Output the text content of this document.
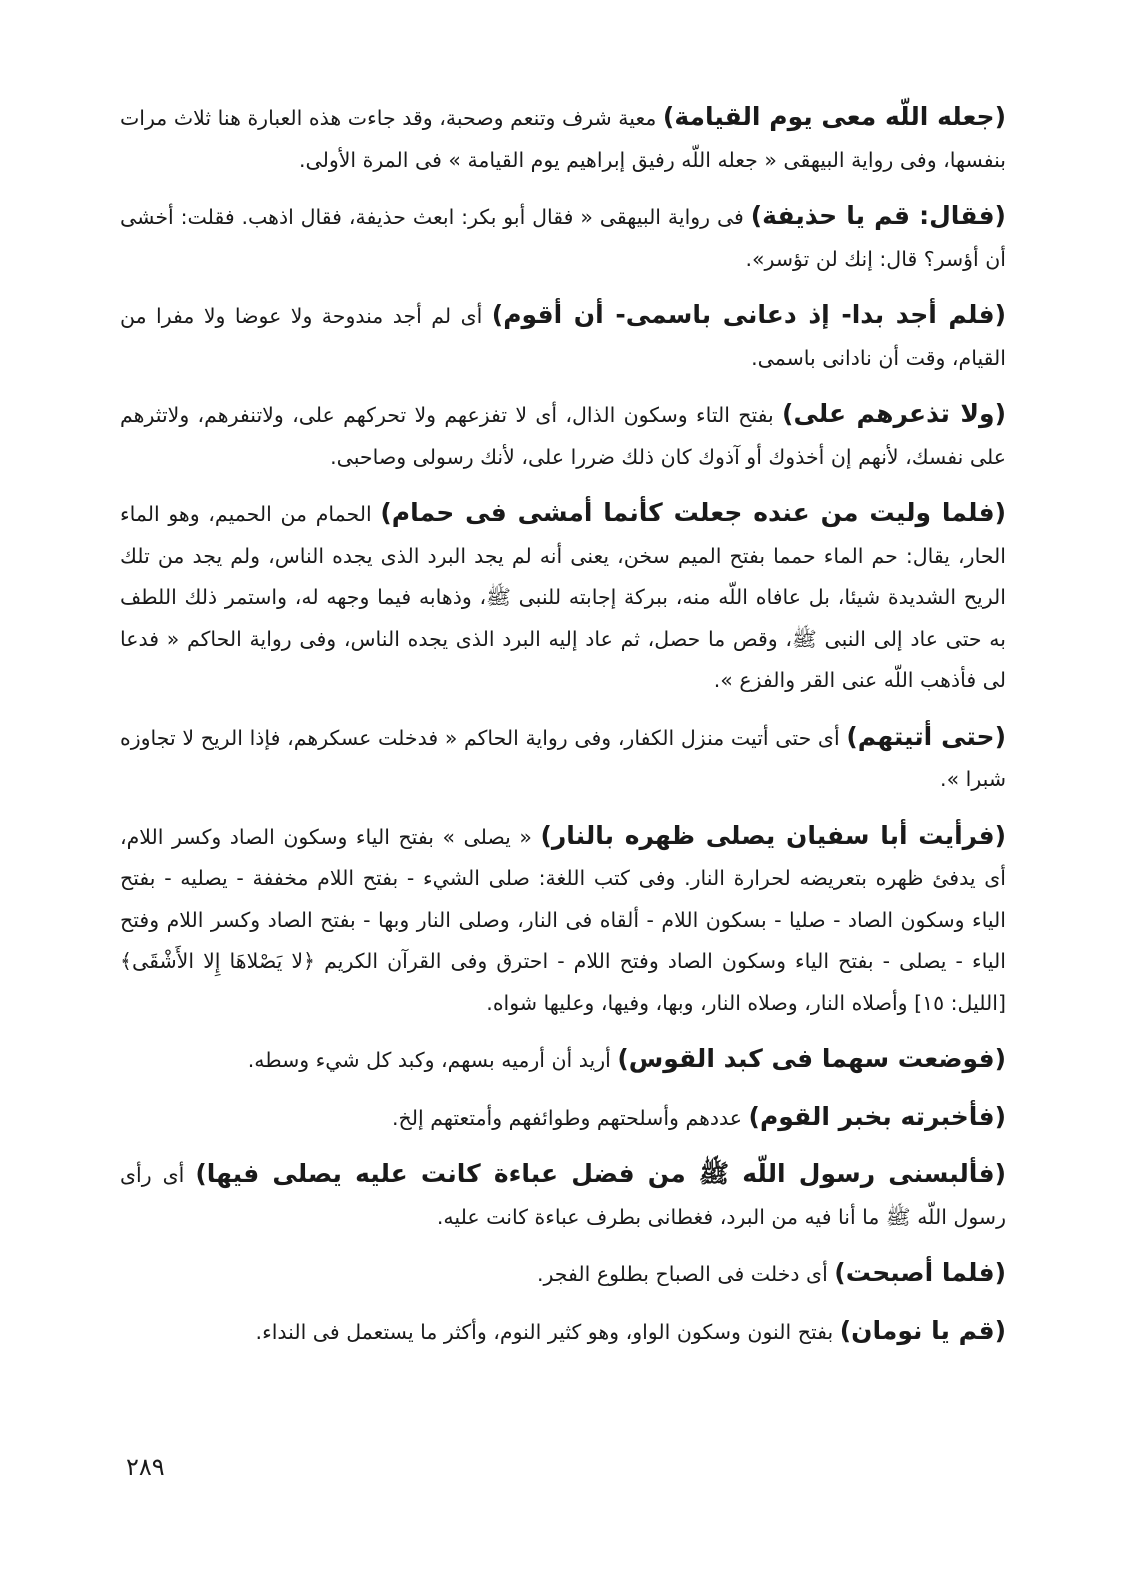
(جعله اللّه معى يوم القيامة) معية شرف وتنعم وصحبة، وقد جاءت هذه العبارة هنا ثلاث مرات بنفسها، وفى رواية البيهقى « جعله اللّه رفيق إبراهيم يوم القيامة » فى المرة الأولى.

(فقال: قم يا حذيفة) فى رواية البيهقى « فقال أبو بكر: ابعث حذيفة، فقال اذهب. فقلت: أخشى أن أؤسر؟ قال: إنك لن تؤسر».

(فلم أجد بدا- إذ دعانى باسمى- أن أقوم) أى لم أجد مندوحة ولا عوضا ولا مفرا من القيام، وقت أن نادانى باسمى.

(ولا تذعرهم على) بفتح التاء وسكون الذال، أى لا تفزعهم ولا تحركهم على، ولاتنفرهم، ولاتثرهم على نفسك، لأنهم إن أخذوك أو آذوك كان ذلك ضررا على، لأنك رسولى وصاحبى.

(فلما وليت من عنده جعلت كأنما أمشى فى حمام) الحمام من الحميم، وهو الماء الحار، يقال: حم الماء حمما بفتح الميم سخن، يعنى أنه لم يجد البرد الذى يجده الناس، ولم يجد من تلك الريح الشديدة شيئا، بل عافاه اللّه منه، ببركة إجابته للنبى ﷺ، وذهابه فيما وجهه له، واستمر ذلك اللطف به حتى عاد إلى النبى ﷺ، وقص ما حصل، ثم عاد إليه البرد الذى يجده الناس، وفى رواية الحاكم « فدعا لى فأذهب اللّه عنى القر والفزع ».

(حتى أتيتهم) أى حتى أتيت منزل الكفار، وفى رواية الحاكم « فدخلت عسكرهم، فإذا الريح لا تجاوزه شبرا ».

(فرأيت أبا سفيان يصلى ظهره بالنار) « يصلى » بفتح الياء وسكون الصاد وكسر اللام، أى يدفئ ظهره بتعريضه لحرارة النار. وفى كتب اللغة: صلى الشيء - بفتح اللام مخففة - يصليه - بفتح الياء وسكون الصاد - صليا - بسكون اللام - ألقاه فى النار، وصلى النار وبها - بفتح الصاد وكسر اللام وفتح الياء - يصلى - بفتح الياء وسكون الصاد وفتح اللام - احترق وفى القرآن الكريم ﴿لا يَصْلاهَا إِلا الأَشْقَى﴾ [الليل: ١٥] وأصلاه النار، وصلاه النار، وبها، وفيها، وعليها شواه.

(فوضعت سهما فى كبد القوس) أريد أن أرميه بسهم، وكبد كل شيء وسطه.

(فأخبرته بخبر القوم) عددهم وأسلحتهم وطوائفهم وأمتعتهم إلخ.

(فألبسنى رسول اللّه ﷺ من فضل عباءة كانت عليه يصلى فيها) أى رأى رسول اللّه ﷺ ما أنا فيه من البرد، فغطانى بطرف عباءة كانت عليه.

(فلما أصبحت) أى دخلت فى الصباح بطلوع الفجر.

(قم يا نومان) بفتح النون وسكون الواو، وهو كثير النوم، وأكثر ما يستعمل فى النداء.

٢٨٩
